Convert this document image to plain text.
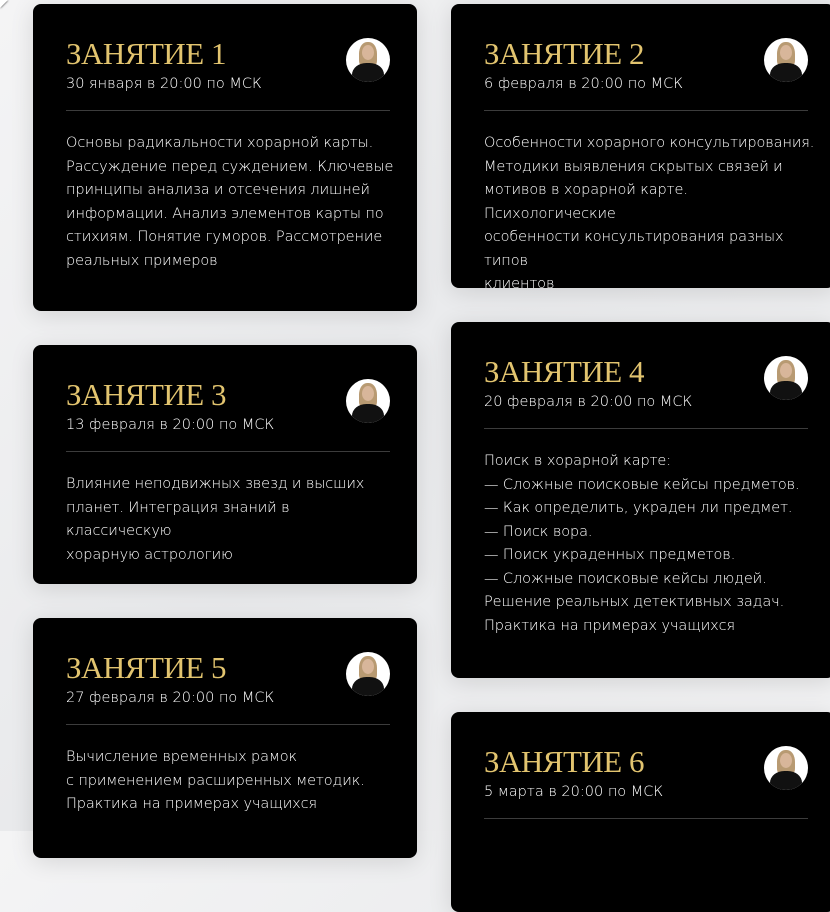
ЗАНЯТИЕ 1
30 января в 20:00 по МСК
Основы радикальности хорарной карты.
Рассуждение перед суждением. Ключевые
принципы анализа и отсечения лишней
информации. Анализ элементов карты по
стихиям. Понятие гуморов. Рассмотрение
реальных примеров
ЗАНЯТИЕ 2
6 февраля в 20:00 по МСК
Особенности хорарного консультирования.
Методики выявления скрытых связей и
мотивов в хорарной карте. Психологические
особенности консультирования разных типов
клиентов
ЗАНЯТИЕ 3
13 февраля в 20:00 по МСК
Влияние неподвижных звезд и высших
планет. Интеграция знаний в классическую
хорарную астрологию
ЗАНЯТИЕ 4
20 февраля в 20:00 по МСК
Поиск в хорарной карте:
— Сложные поисковые кейсы предметов.
— Как определить, украден ли предмет.
— Поиск вора.
— Поиск украденных предметов.
— Сложные поисковые кейсы людей.
Решение реальных детективных задач.
Практика на примерах учащихся
ЗАНЯТИЕ 5
27 февраля в 20:00 по МСК
Вычисление временных рамок
с применением расширенных методик.
Практика на примерах учащихся
ЗАНЯТИЕ 6
5 марта в 20:00 по МСК
